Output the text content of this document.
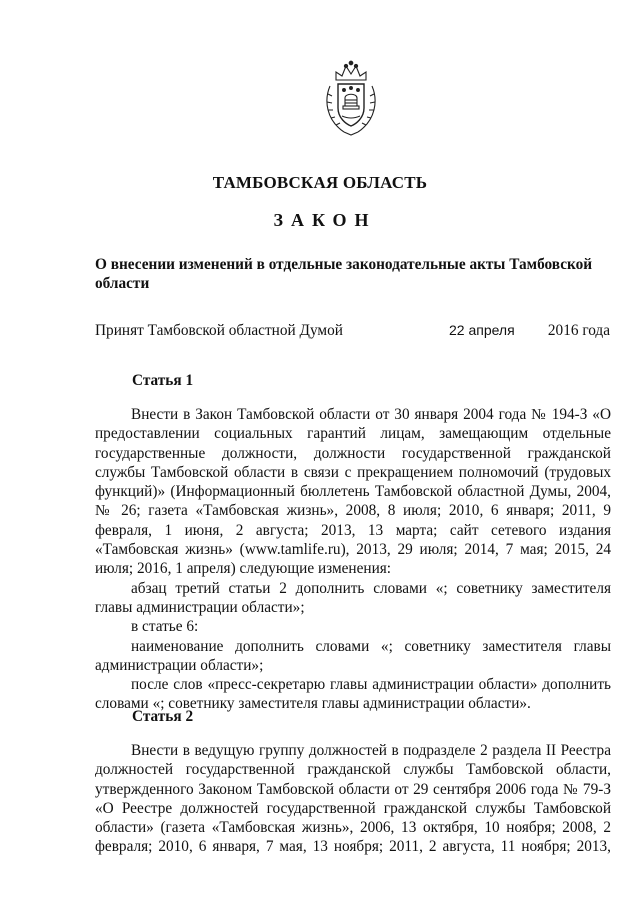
ТАМБОВСКАЯ ОБЛАСТЬ
ЗАКОН
О внесении изменений в отдельные законодательные акты Тамбовской области
Принят Тамбовской областной Думой	22 апреля 2016 года
Статья 1

Внести в Закон Тамбовской области от 30 января 2004 года № 194-З «О предоставлении социальных гарантий лицам, замещающим отдельные государственные должности, должности государственной гражданской службы Тамбовской области в связи с прекращением полномочий (трудовых функций)» (Информационный бюллетень Тамбовской областной Думы, 2004, № 26; газета «Тамбовская жизнь», 2008, 8 июля; 2010, 6 января; 2011, 9 февраля, 1 июня, 2 августа; 2013, 13 марта; сайт сетевого издания «Тамбовская жизнь» (www.tamlife.ru), 2013, 29 июля; 2014, 7 мая; 2015, 24 июля; 2016, 1 апреля) следующие изменения:

абзац третий статьи 2 дополнить словами «; советнику заместителя главы администрации области»;

в статье 6:

наименование дополнить словами «; советнику заместителя главы администрации области»;

после слов «пресс-секретарю главы администрации области» дополнить словами «; советнику заместителя главы администрации области».

Статья 2

Внести в ведущую группу должностей в подразделе 2 раздела II Реестра должностей государственной гражданской службы Тамбовской области, утвержденного Законом Тамбовской области от 29 сентября 2006 года № 79-З «О Реестре должностей государственной гражданской службы Тамбовской области» (газета «Тамбовская жизнь», 2006, 13 октября, 10 ноября; 2008, 2 февраля; 2010, 6 января, 7 мая, 13 ноября; 2011, 2 августа, 11 ноября; 2013,
